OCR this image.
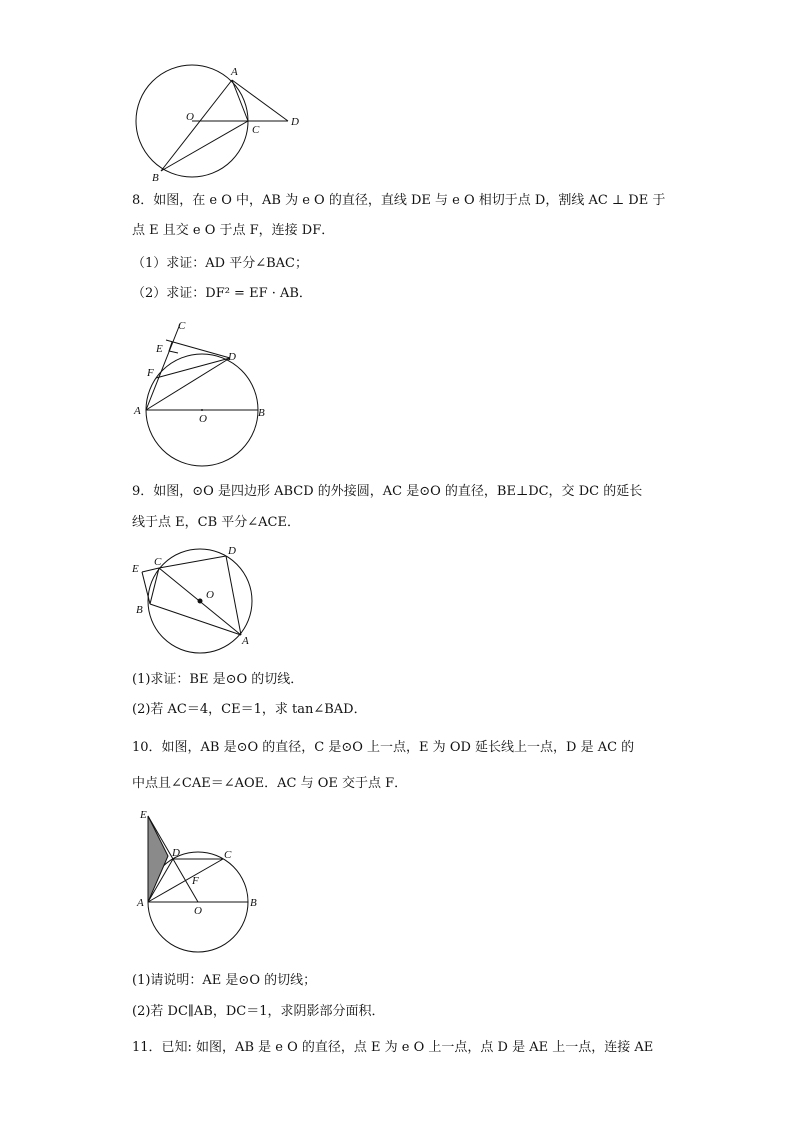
A
O
C
D
B
8．如图，在 e O 中，AB 为 e O 的直径，直线 DE 与 e O 相切于点 D，割线 AC ⊥ DE 于
点 E 且交 e O 于点 F，连接 DF．
（1）求证：AD 平分∠BAC；
（2）求证：DF² = EF · AB．
C
E
D
F
A
O	B
9．如图，⊙O 是四边形 ABCD 的外接圆，AC 是⊙O 的直径，BE⊥DC，交 DC 的延长
线于点 E，CB 平分∠ACE．
C
D
E
O
B
A
(1)求证：BE 是⊙O 的切线．
(2)若 AC＝4，CE＝1，求 tan∠BAD．
10．如图，AB 是⊙O 的直径，C 是⊙O 上一点，E 为 OD 延长线上一点，D 是 AC 的
中点且∠CAE＝∠AOE．AC 与 OE 交于点 F．
E
D	C
F
A
O
B
(1)请说明：AE 是⊙O 的切线；
(2)若 DC∥AB，DC＝1，求阴影部分面积．
11．已知: 如图，AB 是 e O 的直径，点 E 为 e O 上一点，点 D 是 AE 上一点，连接 AE
